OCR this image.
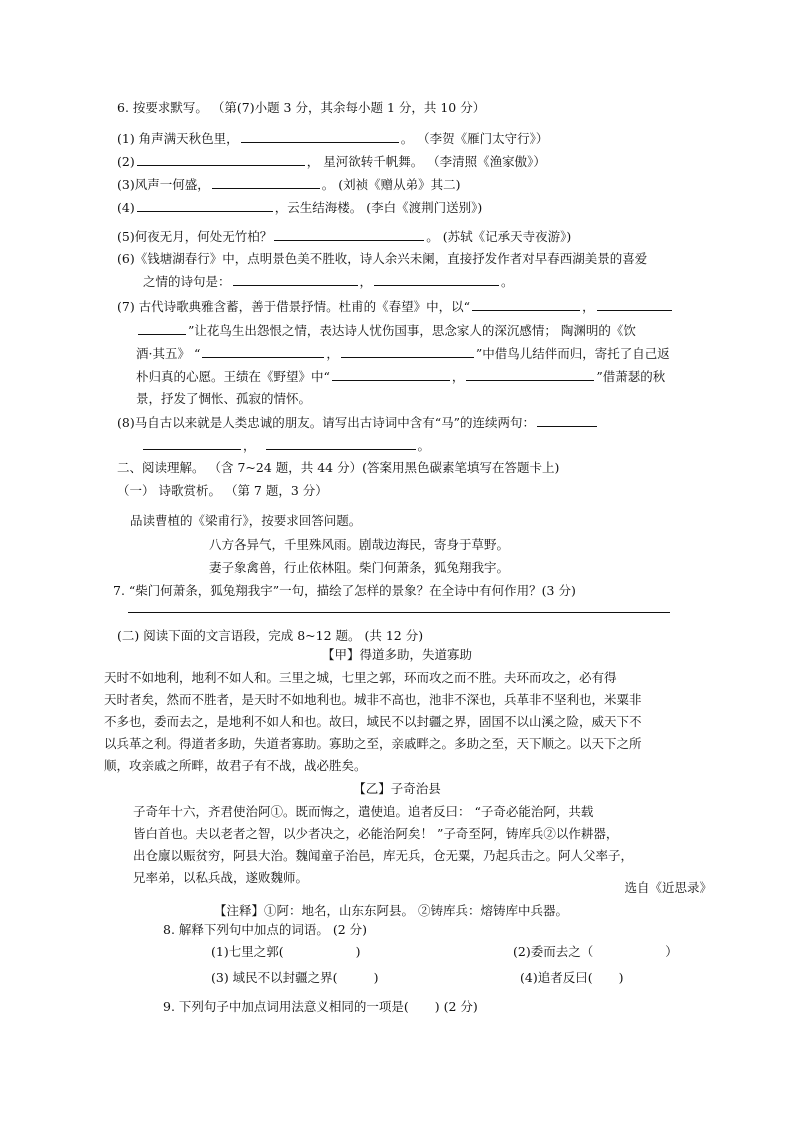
6. 按要求默写。 （第(7)小题 3 分，其余每小题 1 分，共 10 分）
(1) 角声满天秋色里，	。 （李贺《雁门太守行》）
(2)	， 星河欲转千帆舞。 （李清照《渔家傲》）
(3)风声一何盛，	。 (刘祯《赠从弟》其二)
(4)	，云生结海楼。 (李白《渡荆门送别》)
(5)何夜无月，何处无竹柏？	。 (苏轼《记承天寺夜游》)
(6)《钱塘湖春行》中，点明景色美不胜收，诗人余兴未阑，直接抒发作者对早春西湖美景的喜爱
之情的诗句是：	，	。
(7) 古代诗歌典雅含蓄，善于借景抒情。杜甫的《春望》中，以“	，
”让花鸟生出怨恨之情，表达诗人忧伤国事，思念家人的深沉感情； 陶渊明的《饮
酒·其五》 “	，	”中借鸟儿结伴而归，寄托了自己返
朴归真的心愿。王绩在《野望》中“	，	”借萧瑟的秋
景，抒发了惆怅、孤寂的情怀。
(8)马自古以来就是人类忠诚的朋友。请写出古诗词中含有“马”的连续两句：
，	。
二、阅读理解。 （含 7~24 题，共 44 分）(答案用黑色碳素笔填写在答题卡上)
（一） 诗歌赏析。 （第 7 题，3 分）
品读曹植的《梁甫行》，按要求回答问题。
八方各异气，千里殊风雨。剧哉边海民，寄身于草野。
妻子象禽兽，行止依林阻。柴门何萧条，狐兔翔我宇。
7. “柴门何萧条，狐兔翔我宇”一句，描绘了怎样的景象？在全诗中有何作用？(3 分)
(二) 阅读下面的文言语段，完成 8~12 题。 (共 12 分)
【甲】得道多助，失道寡助
天时不如地利，地利不如人和。三里之城，七里之郭，环而攻之而不胜。夫环而攻之，必有得
天时者矣，然而不胜者，是天时不如地利也。城非不高也，池非不深也，兵革非不坚利也，米粟非
不多也，委而去之，是地利不如人和也。故曰，域民不以封疆之界，固国不以山溪之险，威天下不
以兵革之利。得道者多助，失道者寡助。寡助之至，亲戚畔之。多助之至，天下顺之。以天下之所
顺，攻亲戚之所畔，故君子有不战，战必胜矣。
【乙】子奇治县
子奇年十六，齐君使治阿①。既而悔之，遣使追。追者反曰： “子奇必能治阿，共载
皆白首也。夫以老者之智，以少者决之，必能治阿矣！ ”子奇至阿，铸库兵②以作耕器，
出仓廪以赈贫穷，阿县大治。魏闻童子治邑，库无兵，仓无粟，乃起兵击之。阿人父率子，
兄率弟，以私兵战，遂败魏师。
选自《近思录》
【注释】①阿：地名，山东东阿县。 ②铸库兵：熔铸库中兵器。
8. 解释下列句中加点的词语。 (2 分)
(1)七里之郭(	)	(2)委而去之（	）
(3) 域民不以封疆之界(	)	(4)追者反曰( )
9. 下列句子中加点词用法意义相同的一项是( ) (2 分)
